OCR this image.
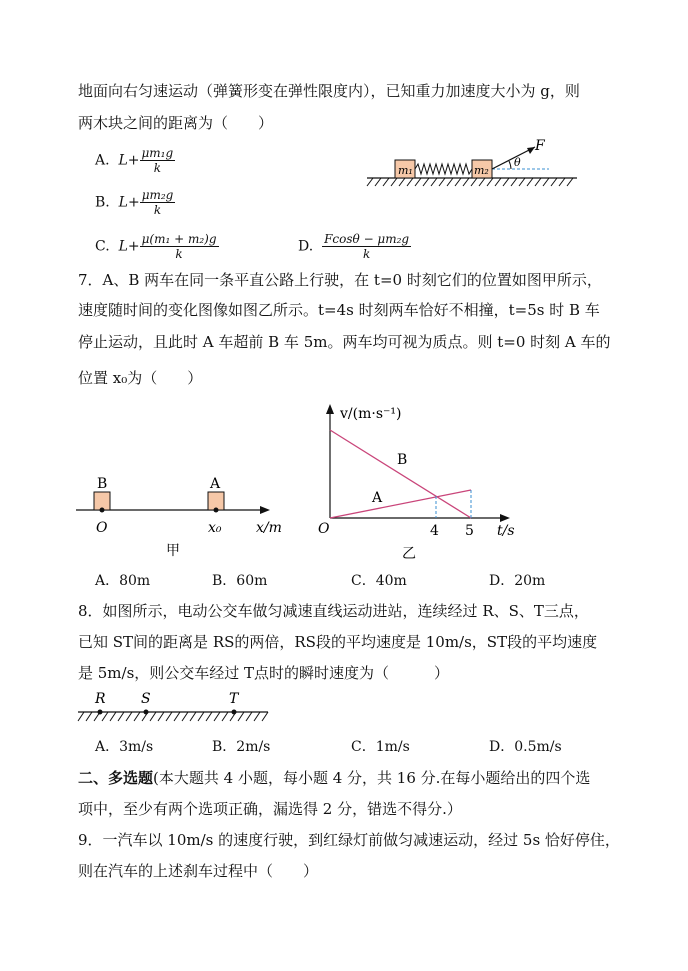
地面向右匀速运动（弹簧形变在弹性限度内），已知重力加速度大小为 g，则
两木块之间的距离为（　　）
A. $L+ \frac{\text{μm₁g}}{k}$
B. $L+ \frac{\text{μm₂g}}{k}$
C. $L+ \frac{\text{μ(m₁ + m₂)g}}{k}$	D. $\frac{\text{Fcosθ − μm₂g}}{k}$
m₁	m₂
θ
F
7．A、B 两车在同一条平直公路上行驶，在 t=0 时刻它们的位置如图甲所示，
速度随时间的变化图像如图乙所示。t=4s 时刻两车恰好不相撞，t=5s 时 B 车
停止运动，且此时 A 车超前 B 车 5m。两车均可视为质点。则 t=0 时刻 A 车的
位置 x₀为（　　）
B	A
O	x₀ x/m
甲
v/(m·s⁻¹)
t/s
O
B
A
4 5
乙
A．80m	B．60m	C．40m	D．20m
8．如图所示，电动公交车做匀减速直线运动进站，连续经过 R、S、T三点，
已知 ST间的距离是 RS的两倍，RS段的平均速度是 10m/s，ST段的平均速度
是 5m/s，则公交车经过 T点时的瞬时速度为（　　　）
R	S	T
A．3m/s	B．2m/s	C．1m/s	D．0.5m/s
二、多选题(本大题共 4 小题，每小题 4 分，共 16 分.在每小题给出的四个选
项中，至少有两个选项正确，漏选得 2 分，错选不得分.）
9．一汽车以 10m/s 的速度行驶，到红绿灯前做匀减速运动，经过 5s 恰好停住，
则在汽车的上述刹车过程中（　　）
